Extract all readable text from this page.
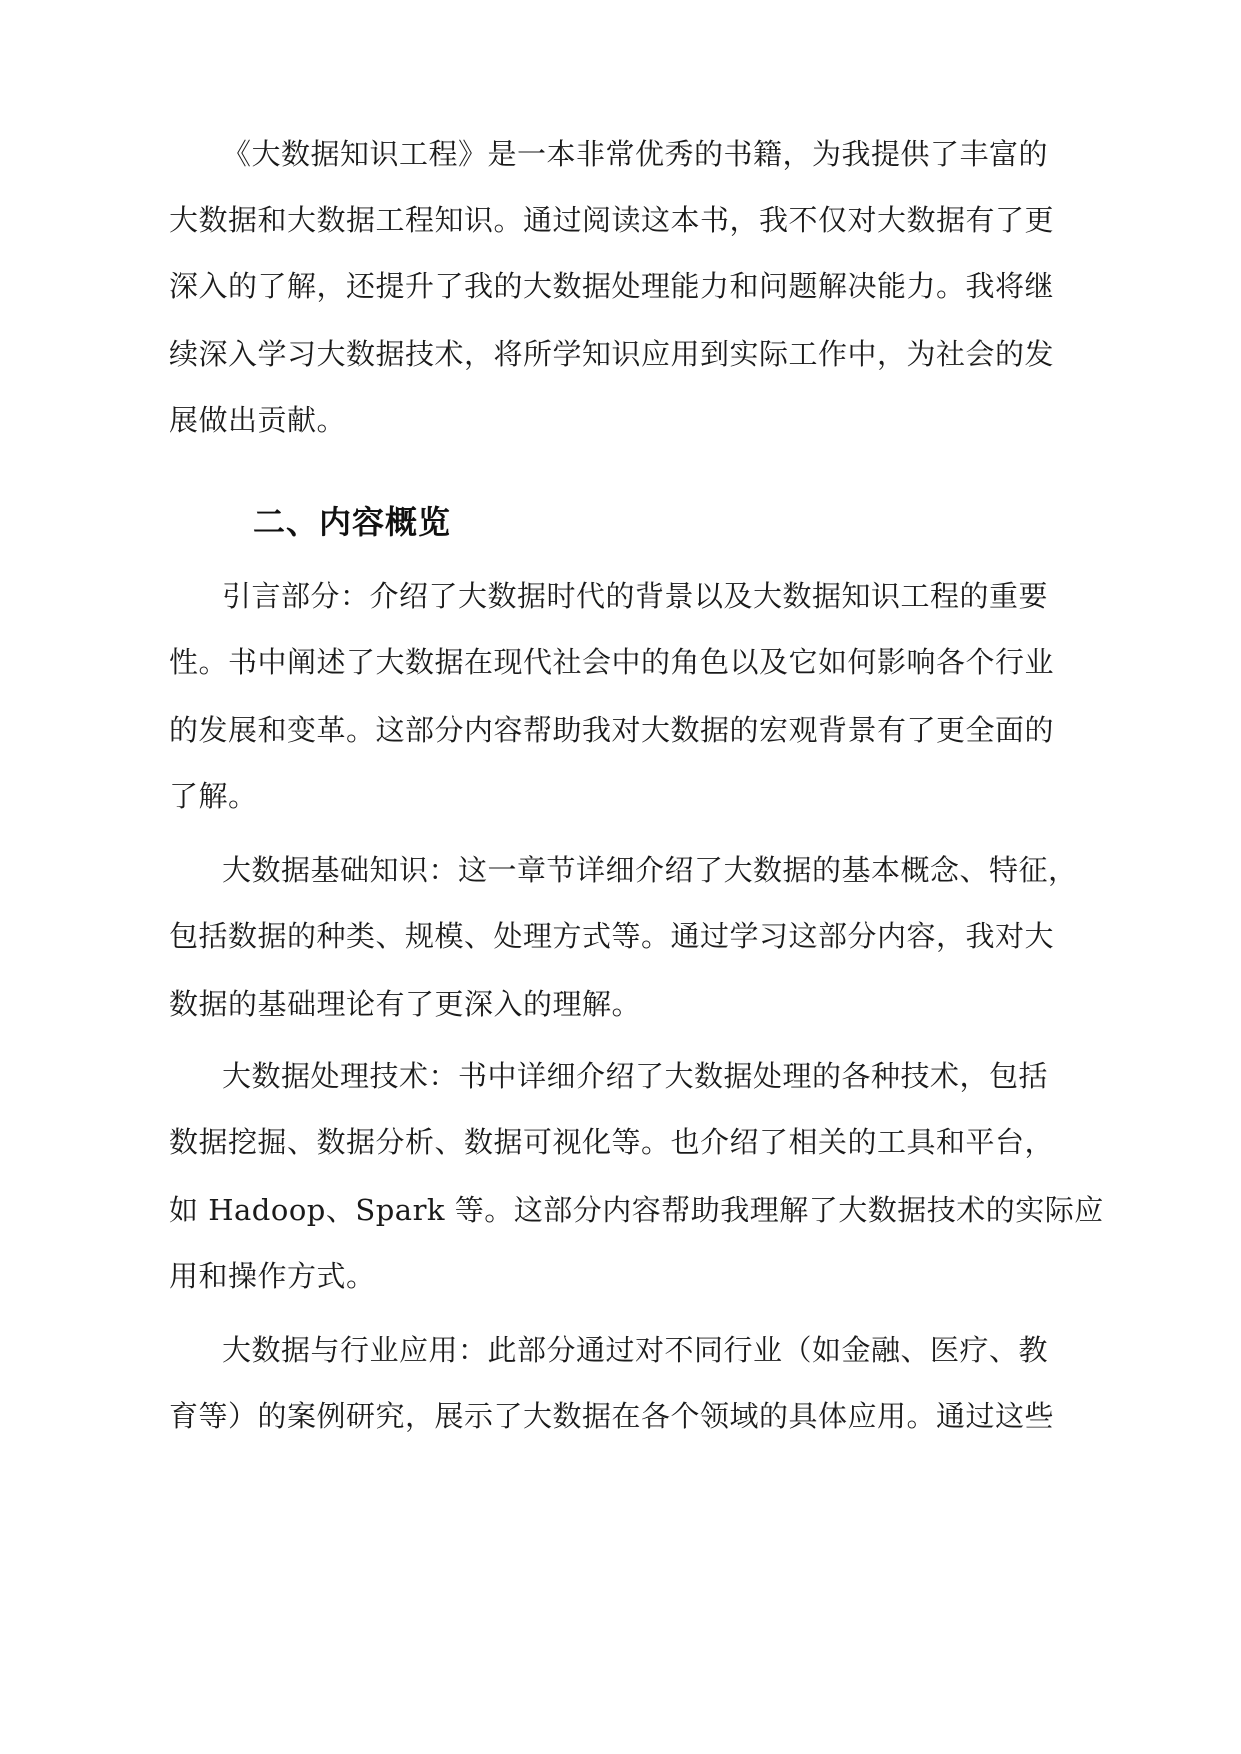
《大数据知识工程》是一本非常优秀的书籍，为我提供了丰富的

大数据和大数据工程知识。通过阅读这本书，我不仅对大数据有了更

深入的了解，还提升了我的大数据处理能力和问题解决能力。我将继

续深入学习大数据技术，将所学知识应用到实际工作中，为社会的发

展做出贡献。

二、内容概览

引言部分：介绍了大数据时代的背景以及大数据知识工程的重要

性。书中阐述了大数据在现代社会中的角色以及它如何影响各个行业

的发展和变革。这部分内容帮助我对大数据的宏观背景有了更全面的

了解。

大数据基础知识：这一章节详细介绍了大数据的基本概念、特征，

包括数据的种类、规模、处理方式等。通过学习这部分内容，我对大

数据的基础理论有了更深入的理解。

大数据处理技术：书中详细介绍了大数据处理的各种技术，包括

数据挖掘、数据分析、数据可视化等。也介绍了相关的工具和平台，

如 Hadoop、Spark 等。这部分内容帮助我理解了大数据技术的实际应

用和操作方式。

大数据与行业应用：此部分通过对不同行业（如金融、医疗、教

育等）的案例研究，展示了大数据在各个领域的具体应用。通过这些
